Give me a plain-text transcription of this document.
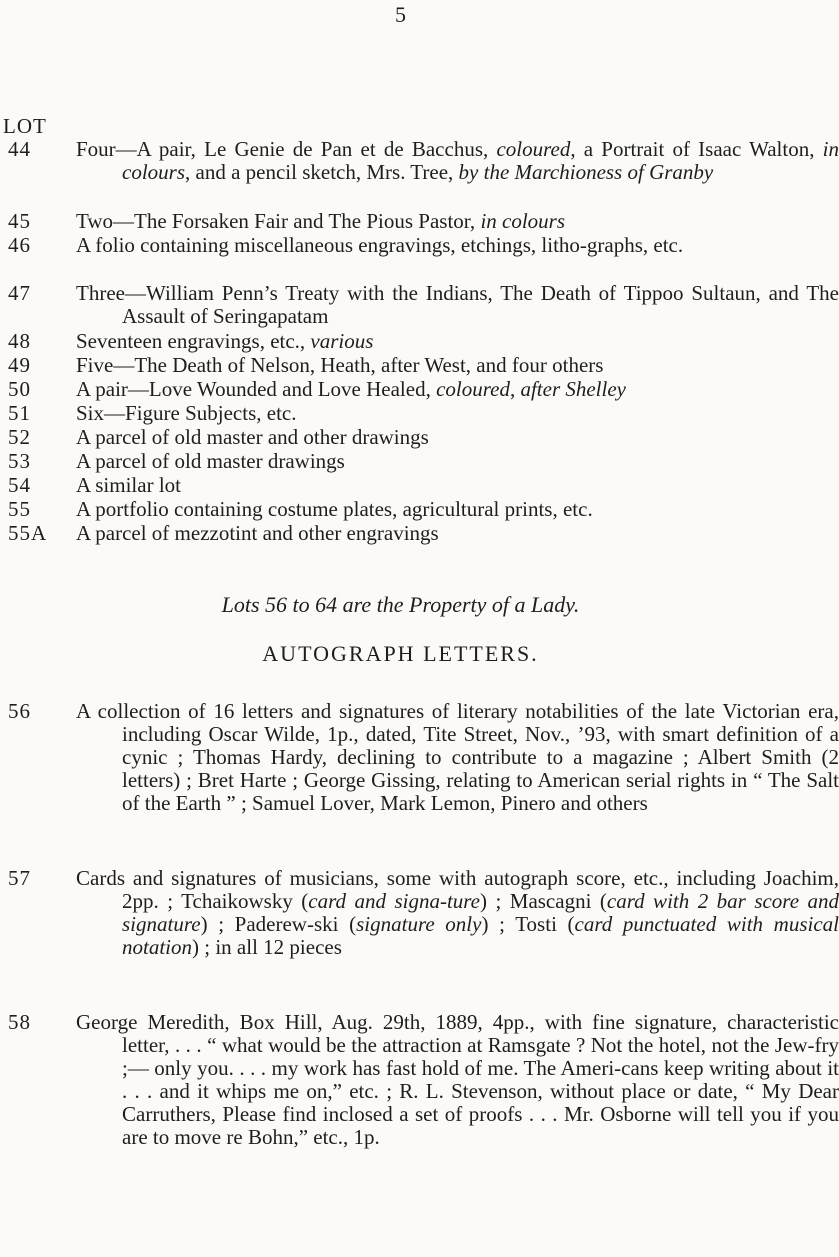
5
LOT
44	Four—A pair, Le Genie de Pan et de Bacchus, coloured, a Portrait of Isaac Walton, in colours, and a pencil sketch, Mrs. Tree, by the Marchioness of Granby
45	Two—The Forsaken Fair and The Pious Pastor, in colours
46	A folio containing miscellaneous engravings, etchings, litho-graphs, etc.
47	Three—William Penn’s Treaty with the Indians, The Death of Tippoo Sultaun, and The Assault of Seringapatam
48	Seventeen engravings, etc., various
49	Five—The Death of Nelson, Heath, after West, and four others
50	A pair—Love Wounded and Love Healed, coloured, after Shelley
51	Six—Figure Subjects, etc.
52	A parcel of old master and other drawings
53	A parcel of old master drawings
54	A similar lot
55	A portfolio containing costume plates, agricultural prints, etc.
55A	A parcel of mezzotint and other engravings
Lots 56 to 64 are the Property of a Lady.
AUTOGRAPH LETTERS.
56	A collection of 16 letters and signatures of literary notabilities of the late Victorian era, including Oscar Wilde, 1p., dated, Tite Street, Nov., ’93, with smart definition of a cynic ; Thomas Hardy, declining to contribute to a magazine ; Albert Smith (2 letters) ; Bret Harte ; George Gissing, relating to American serial rights in “ The Salt of the Earth ” ; Samuel Lover, Mark Lemon, Pinero and others
57	Cards and signatures of musicians, some with autograph score, etc., including Joachim, 2pp. ; Tchaikowsky (card and signa-ture) ; Mascagni (card with 2 bar score and signature) ; Paderew-ski (signature only) ; Tosti (card punctuated with musical notation) ; in all 12 pieces
58	George Meredith, Box Hill, Aug. 29th, 1889, 4pp., with fine signature, characteristic letter, . . . “ what would be the attraction at Ramsgate ? Not the hotel, not the Jew-fry ;— only you. . . . my work has fast hold of me. The Ameri-cans keep writing about it . . . and it whips me on,” etc. ; R. L. Stevenson, without place or date, “ My Dear Carruthers, Please find inclosed a set of proofs . . . Mr. Osborne will tell you if you are to move re Bohn,” etc., 1p.
